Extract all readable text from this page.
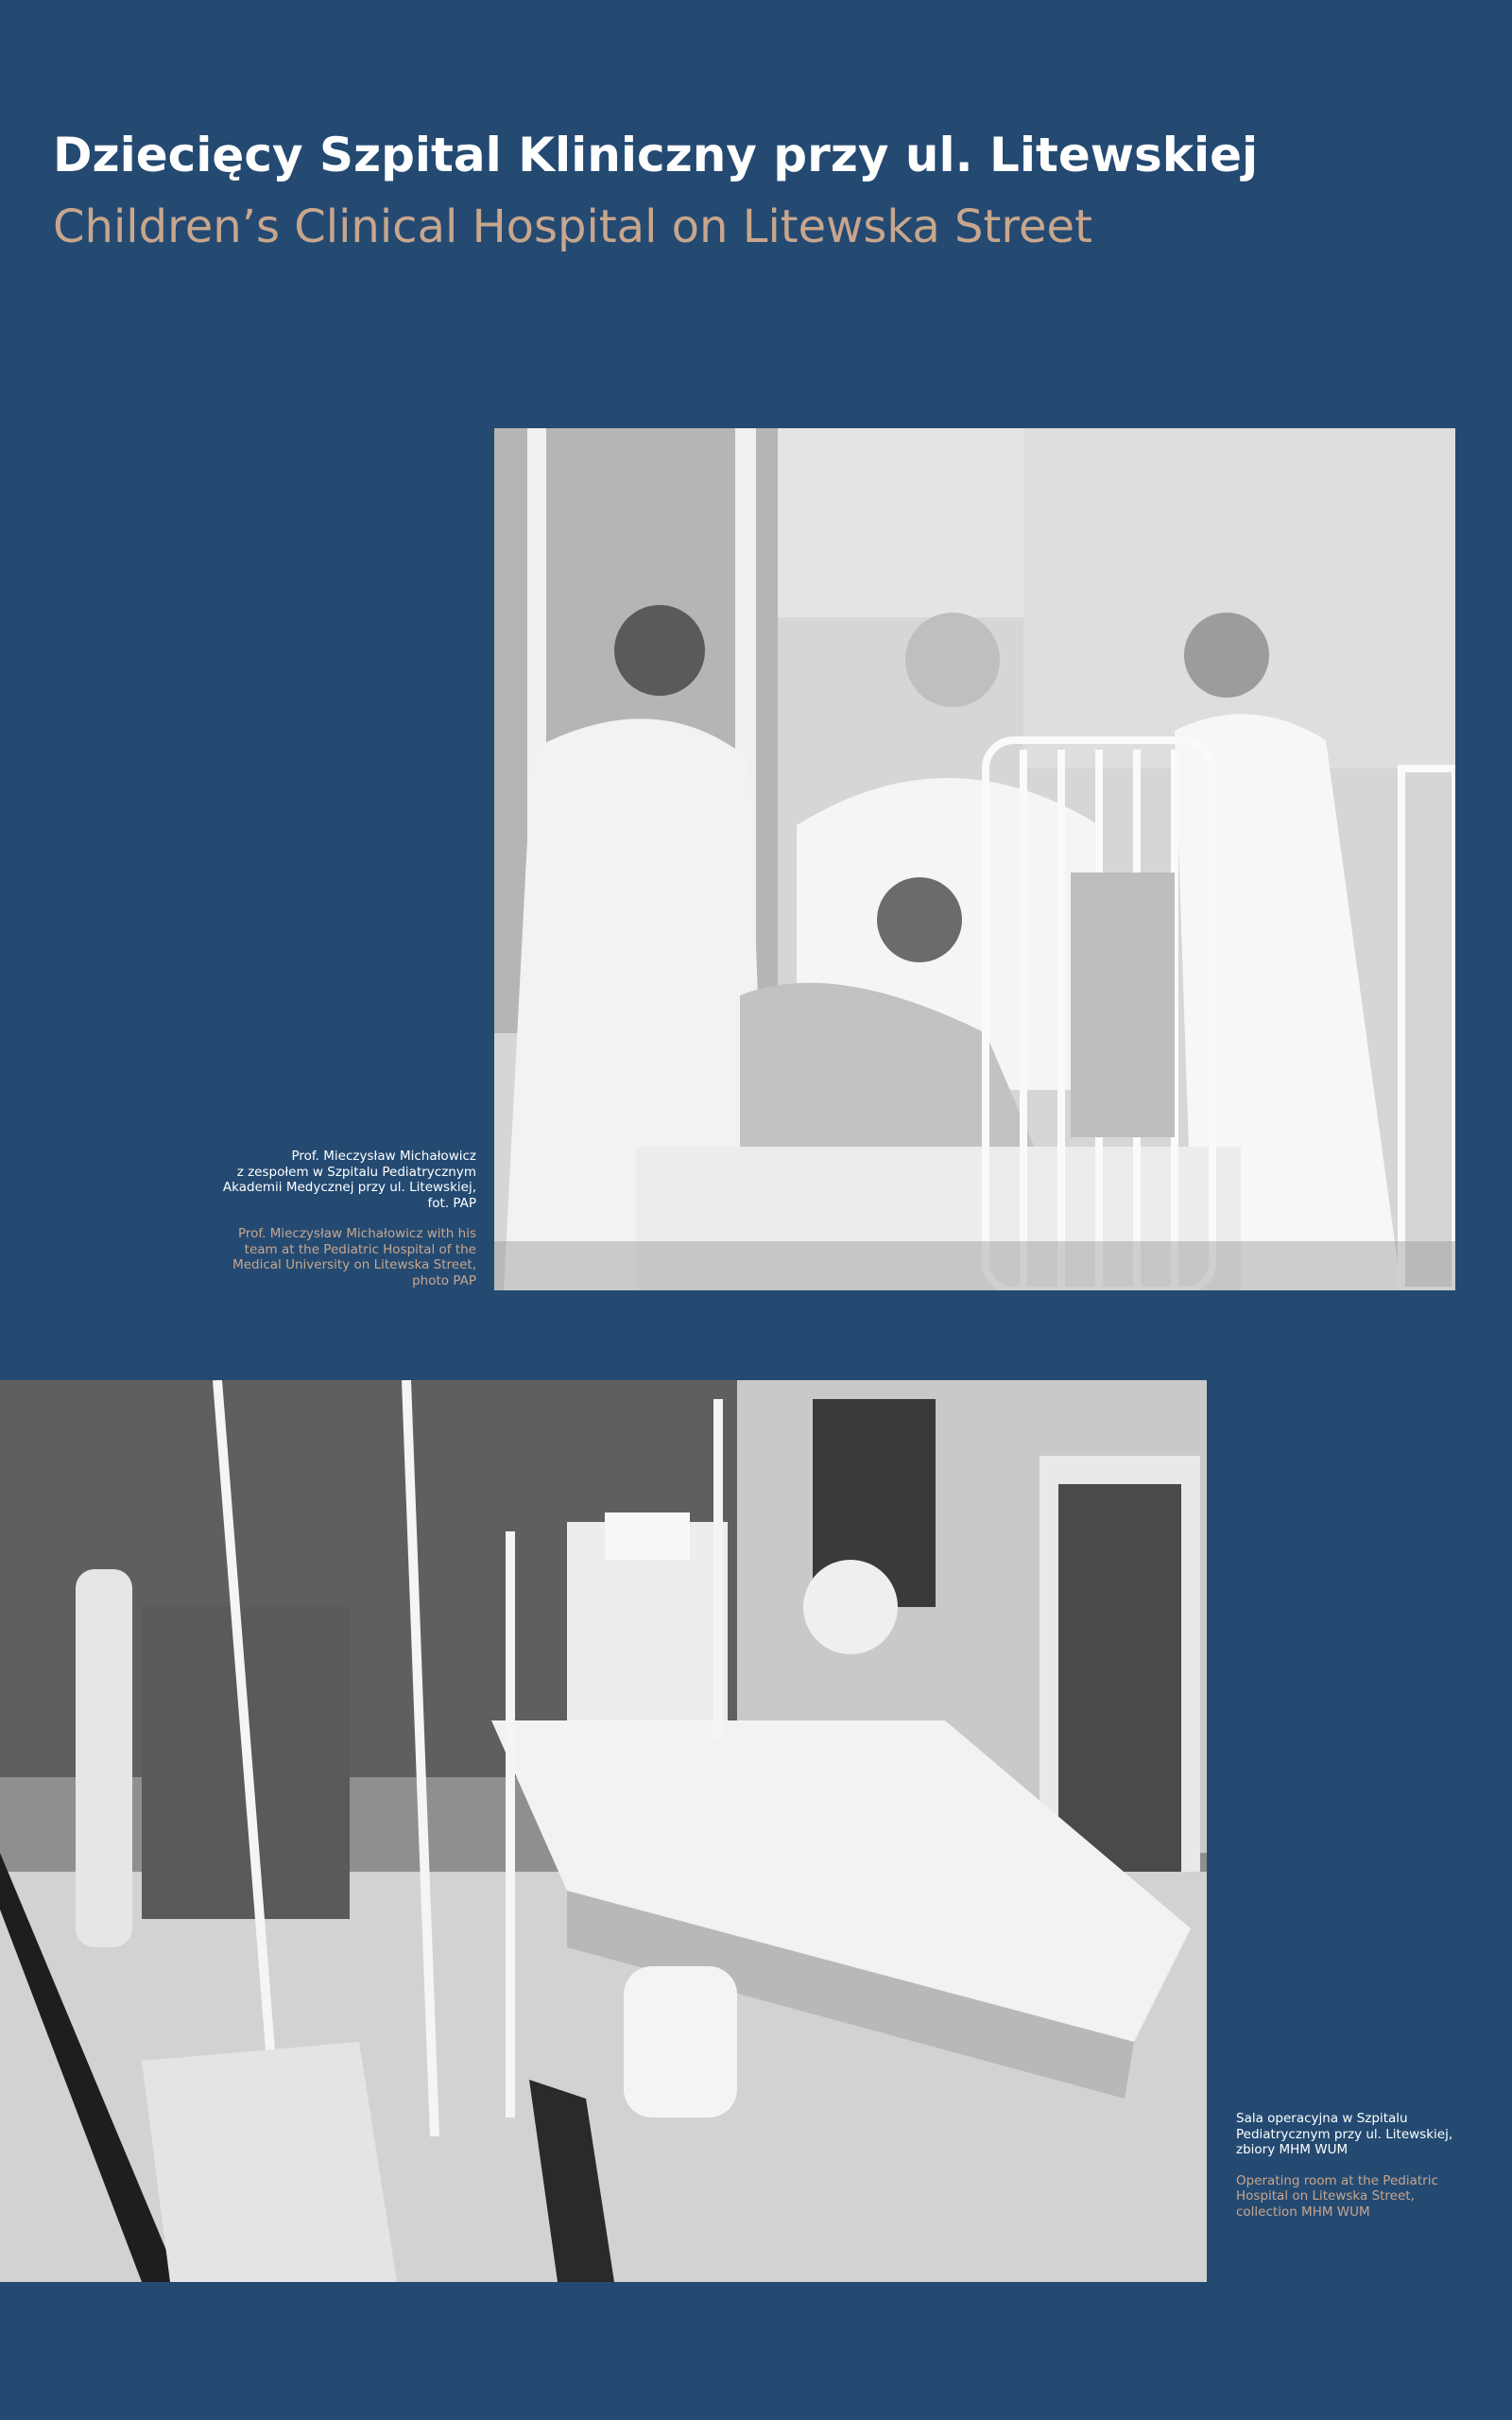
Dziecięcy Szpital Kliniczny przy ul. Litewskiej
Children’s Clinical Hospital on Litewska Street

Prof. Mieczysław Michałowicz
z zespołem w Szpitalu Pediatrycznym
Akademii Medycznej przy ul. Litewskiej,
fot. PAP

Prof. Mieczysław Michałowicz with his
team at the Pediatric Hospital of the
Medical University on Litewska Street,
photo PAP

Sala operacyjna w Szpitalu
Pediatrycznym przy ul. Litewskiej,
zbiory MHM WUM

Operating room at the Pediatric
Hospital on Litewska Street,
collection MHM WUM
